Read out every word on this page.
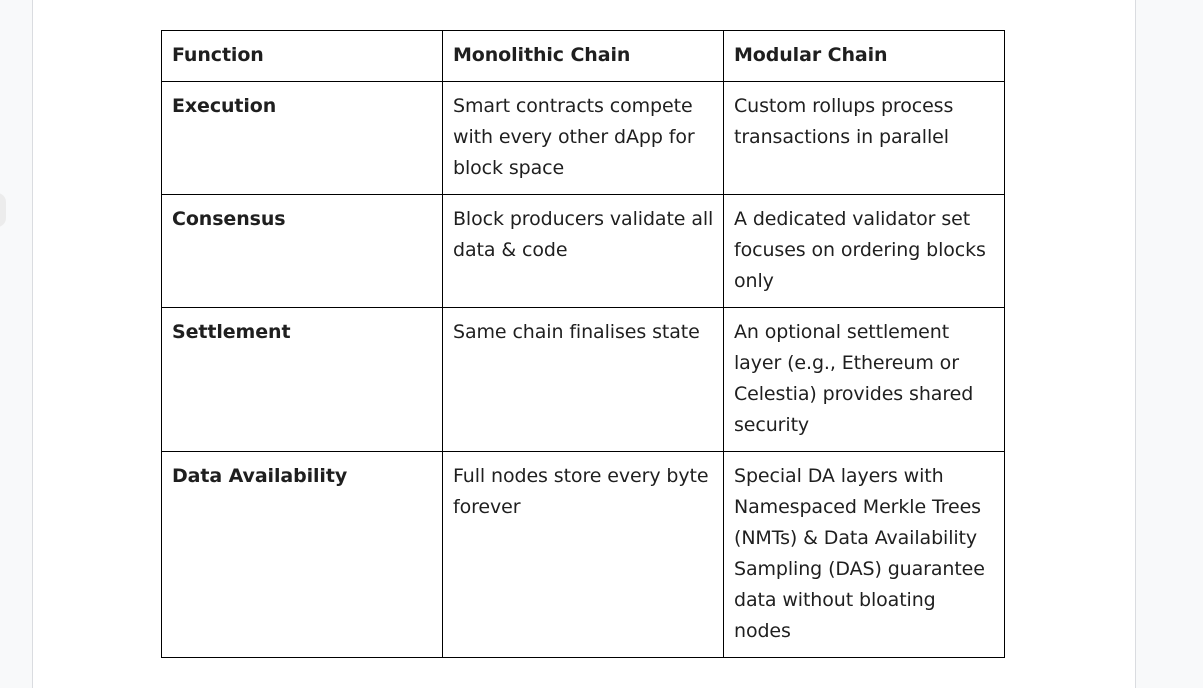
Function	Monolithic Chain	Modular Chain
Execution	Smart contracts compete with every other dApp for block space	Custom rollups process transactions in parallel
Consensus	Block producers validate all data & code	A dedicated validator set focuses on ordering blocks only
Settlement	Same chain finalises state	An optional settlement layer (e.g., Ethereum or Celestia) provides shared security
Data Availability	Full nodes store every byte forever	Special DA layers with Namespaced Merkle Trees (NMTs) & Data Availability Sampling (DAS) guarantee data without bloating nodes
